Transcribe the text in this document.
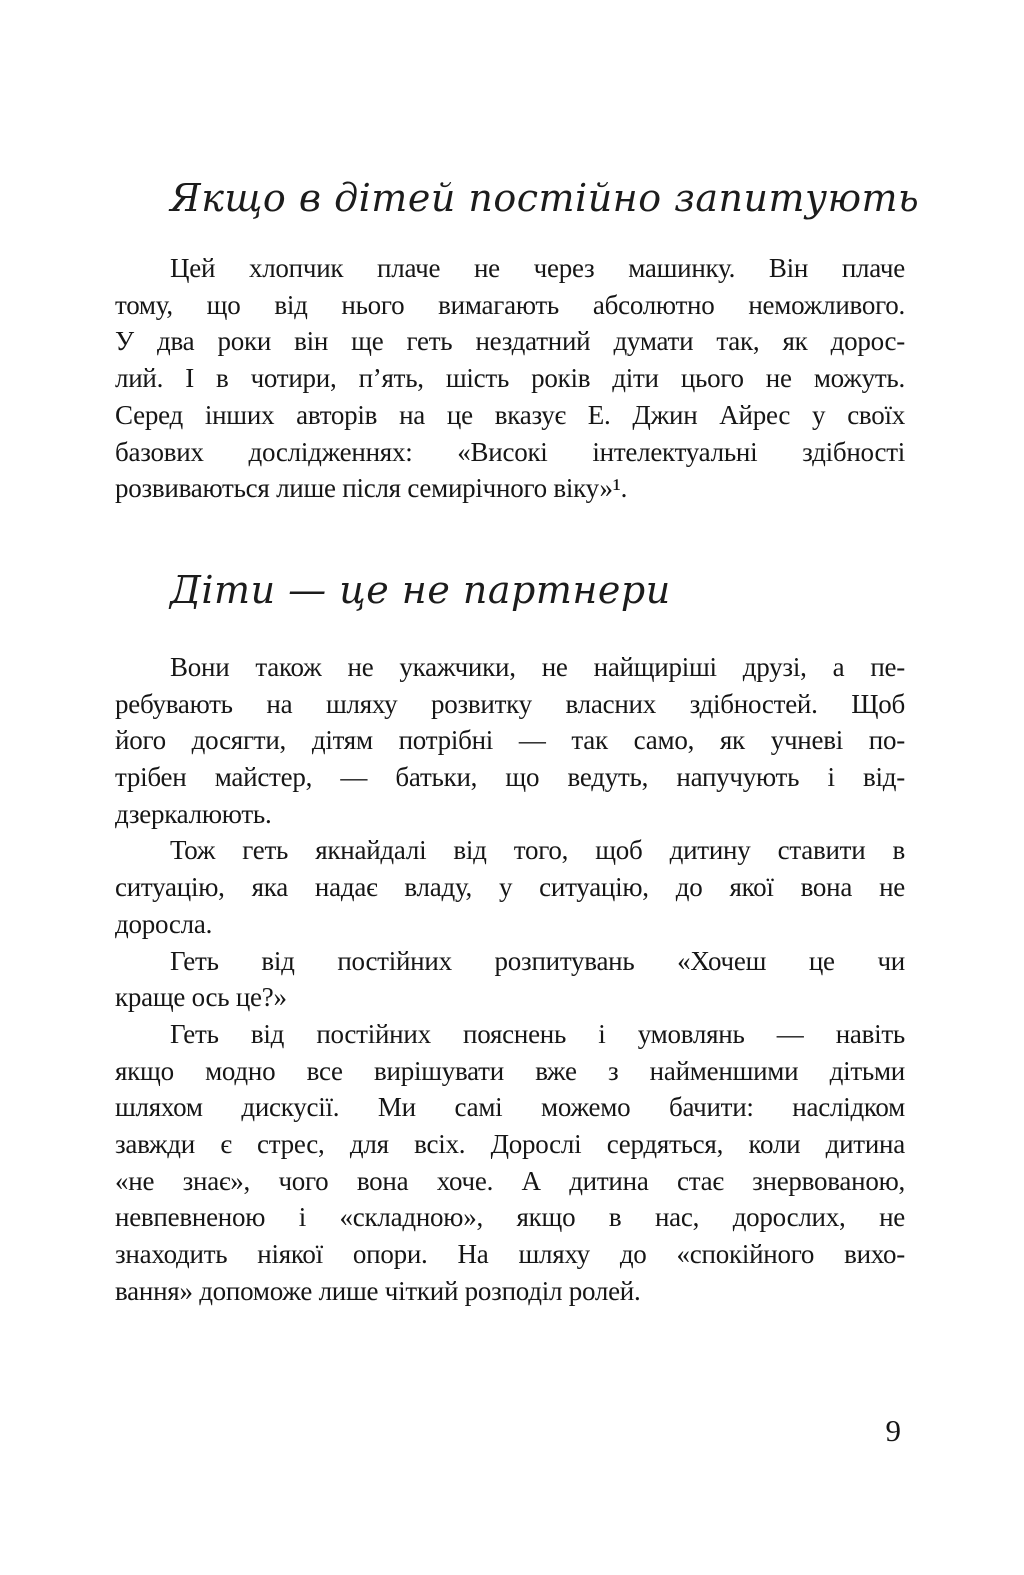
Якщо в дітей постійно запитують
Цей хлопчик плаче не через машинку. Він плаче
тому, що від нього вимагають абсолютно неможливого.
У два роки він ще геть нездатний думати так, як дорос-
лий. І в чотири, п’ять, шість років діти цього не можуть.
Серед інших авторів на це вказує Е. Джин Айрес у своїх
базових дослідженнях: «Високі інтелектуальні здібності
розвиваються лише після семирічного віку»¹.
Діти — це не партнери
Вони також не укажчики, не найщиріші друзі, а пе-
ребувають на шляху розвитку власних здібностей. Щоб
його досягти, дітям потрібні — так само, як учневі по-
трібен майстер, — батьки, що ведуть, напучують і від-
дзеркалюють.
Тож геть якнайдалі від того, щоб дитину ставити в
ситуацію, яка надає владу, у ситуацію, до якої вона не
доросла.
Геть від постійних розпитувань «Хочеш це чи
краще ось це?»
Геть від постійних пояснень і умовлянь — навіть
якщо модно все вирішувати вже з найменшими дітьми
шляхом дискусії. Ми самі можемо бачити: наслідком
завжди є стрес, для всіх. Дорослі сердяться, коли дитина
«не знає», чого вона хоче. А дитина стає знервованою,
невпевненою і «складною», якщо в нас, дорослих, не
знаходить ніякої опори. На шляху до «спокійного вихо-
вання» допоможе лише чіткий розподіл ролей.
9
